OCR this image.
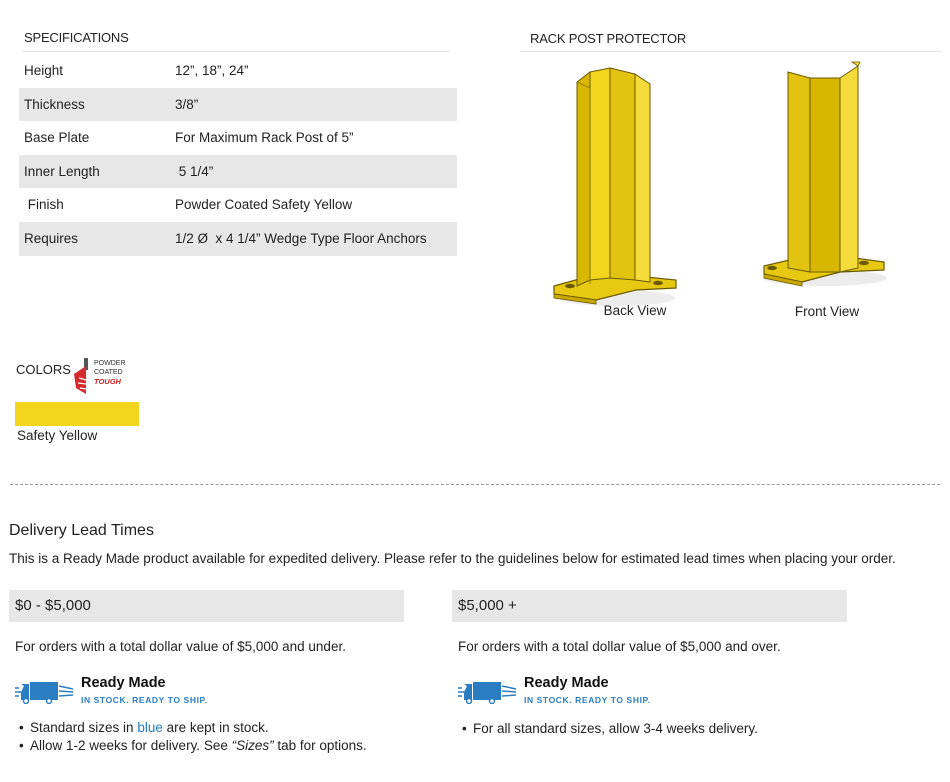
SPECIFICATIONS
Height	12”, 18”, 24”
Thickness	3/8”
Base Plate	For Maximum Rack Post of 5”
Inner Length	5 1/4”
Finish	Powder Coated Safety Yellow
Requires	1/2 Ø  x 4 1/4” Wedge Type Floor Anchors
RACK POST PROTECTOR
Back View	Front View
COLORS	POWDER
COATED
TOUGH
Safety Yellow
Delivery Lead Times
This is a Ready Made product available for expedited delivery. Please refer to the guidelines below for estimated lead times when placing your order.
$0 - $5,000
For orders with a total dollar value of $5,000 and under.
Ready Made
IN STOCK. READY TO SHIP.
• Standard sizes in blue are kept in stock.
• Allow 1-2 weeks for delivery. See “Sizes” tab for options.
$5,000 +
For orders with a total dollar value of $5,000 and over.
Ready Made
IN STOCK. READY TO SHIP.
• For all standard sizes, allow 3-4 weeks delivery.
